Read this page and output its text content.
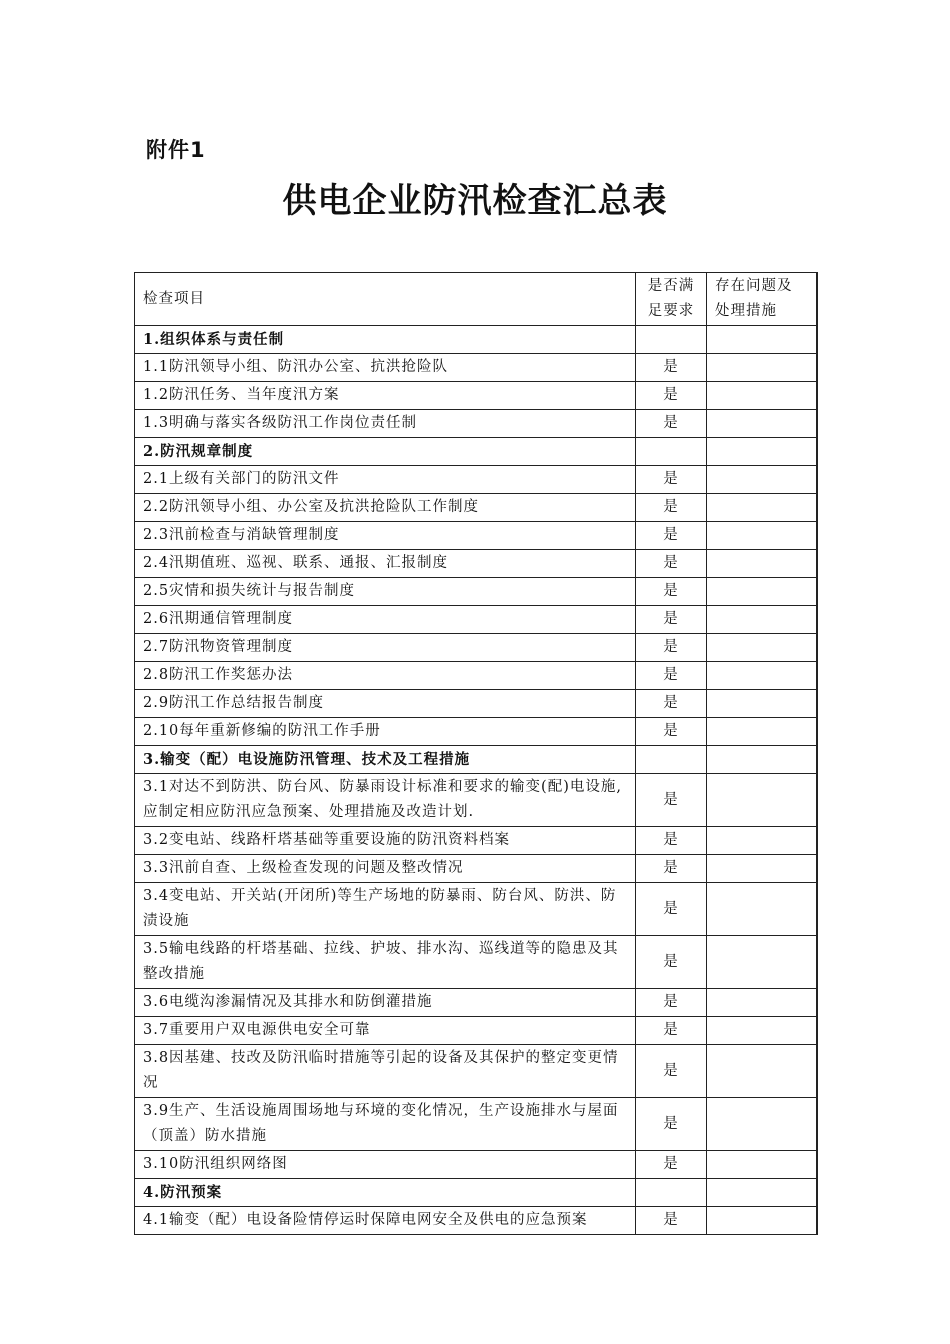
附件1
供电企业防汛检查汇总表
检查项目	是否满足要求	存在问题及处理措施
1.组织体系与责任制		
1.1防汛领导小组、防汛办公室、抗洪抢险队	是	
1.2防汛任务、当年度汛方案	是	
1.3明确与落实各级防汛工作岗位责任制	是	
2.防汛规章制度		
2.1上级有关部门的防汛文件	是	
2.2防汛领导小组、办公室及抗洪抢险队工作制度	是	
2.3汛前检查与消缺管理制度	是	
2.4汛期值班、巡视、联系、通报、汇报制度	是	
2.5灾情和损失统计与报告制度	是	
2.6汛期通信管理制度	是	
2.7防汛物资管理制度	是	
2.8防汛工作奖惩办法	是	
2.9防汛工作总结报告制度	是	
2.10每年重新修编的防汛工作手册	是	
3.输变（配）电设施防汛管理、技术及工程措施		
3.1对达不到防洪、防台风、防暴雨设计标准和要求的输变(配)电设施,应制定相应防汛应急预案、处理措施及改造计划.	是	
3.2变电站、线路杆塔基础等重要设施的防汛资料档案	是	
3.3汛前自查、上级检查发现的问题及整改情况	是	
3.4变电站、开关站(开闭所)等生产场地的防暴雨、防台风、防洪、防渍设施	是	
3.5输电线路的杆塔基础、拉线、护坡、排水沟、巡线道等的隐患及其整改措施	是	
3.6电缆沟渗漏情况及其排水和防倒灌措施	是	
3.7重要用户双电源供电安全可靠	是	
3.8因基建、技改及防汛临时措施等引起的设备及其保护的整定变更情况	是	
3.9生产、生活设施周围场地与环境的变化情况，生产设施排水与屋面（顶盖）防水措施	是	
3.10防汛组织网络图	是	
4.防汛预案		
4.1输变（配）电设备险情停运时保障电网安全及供电的应急预案	是	
